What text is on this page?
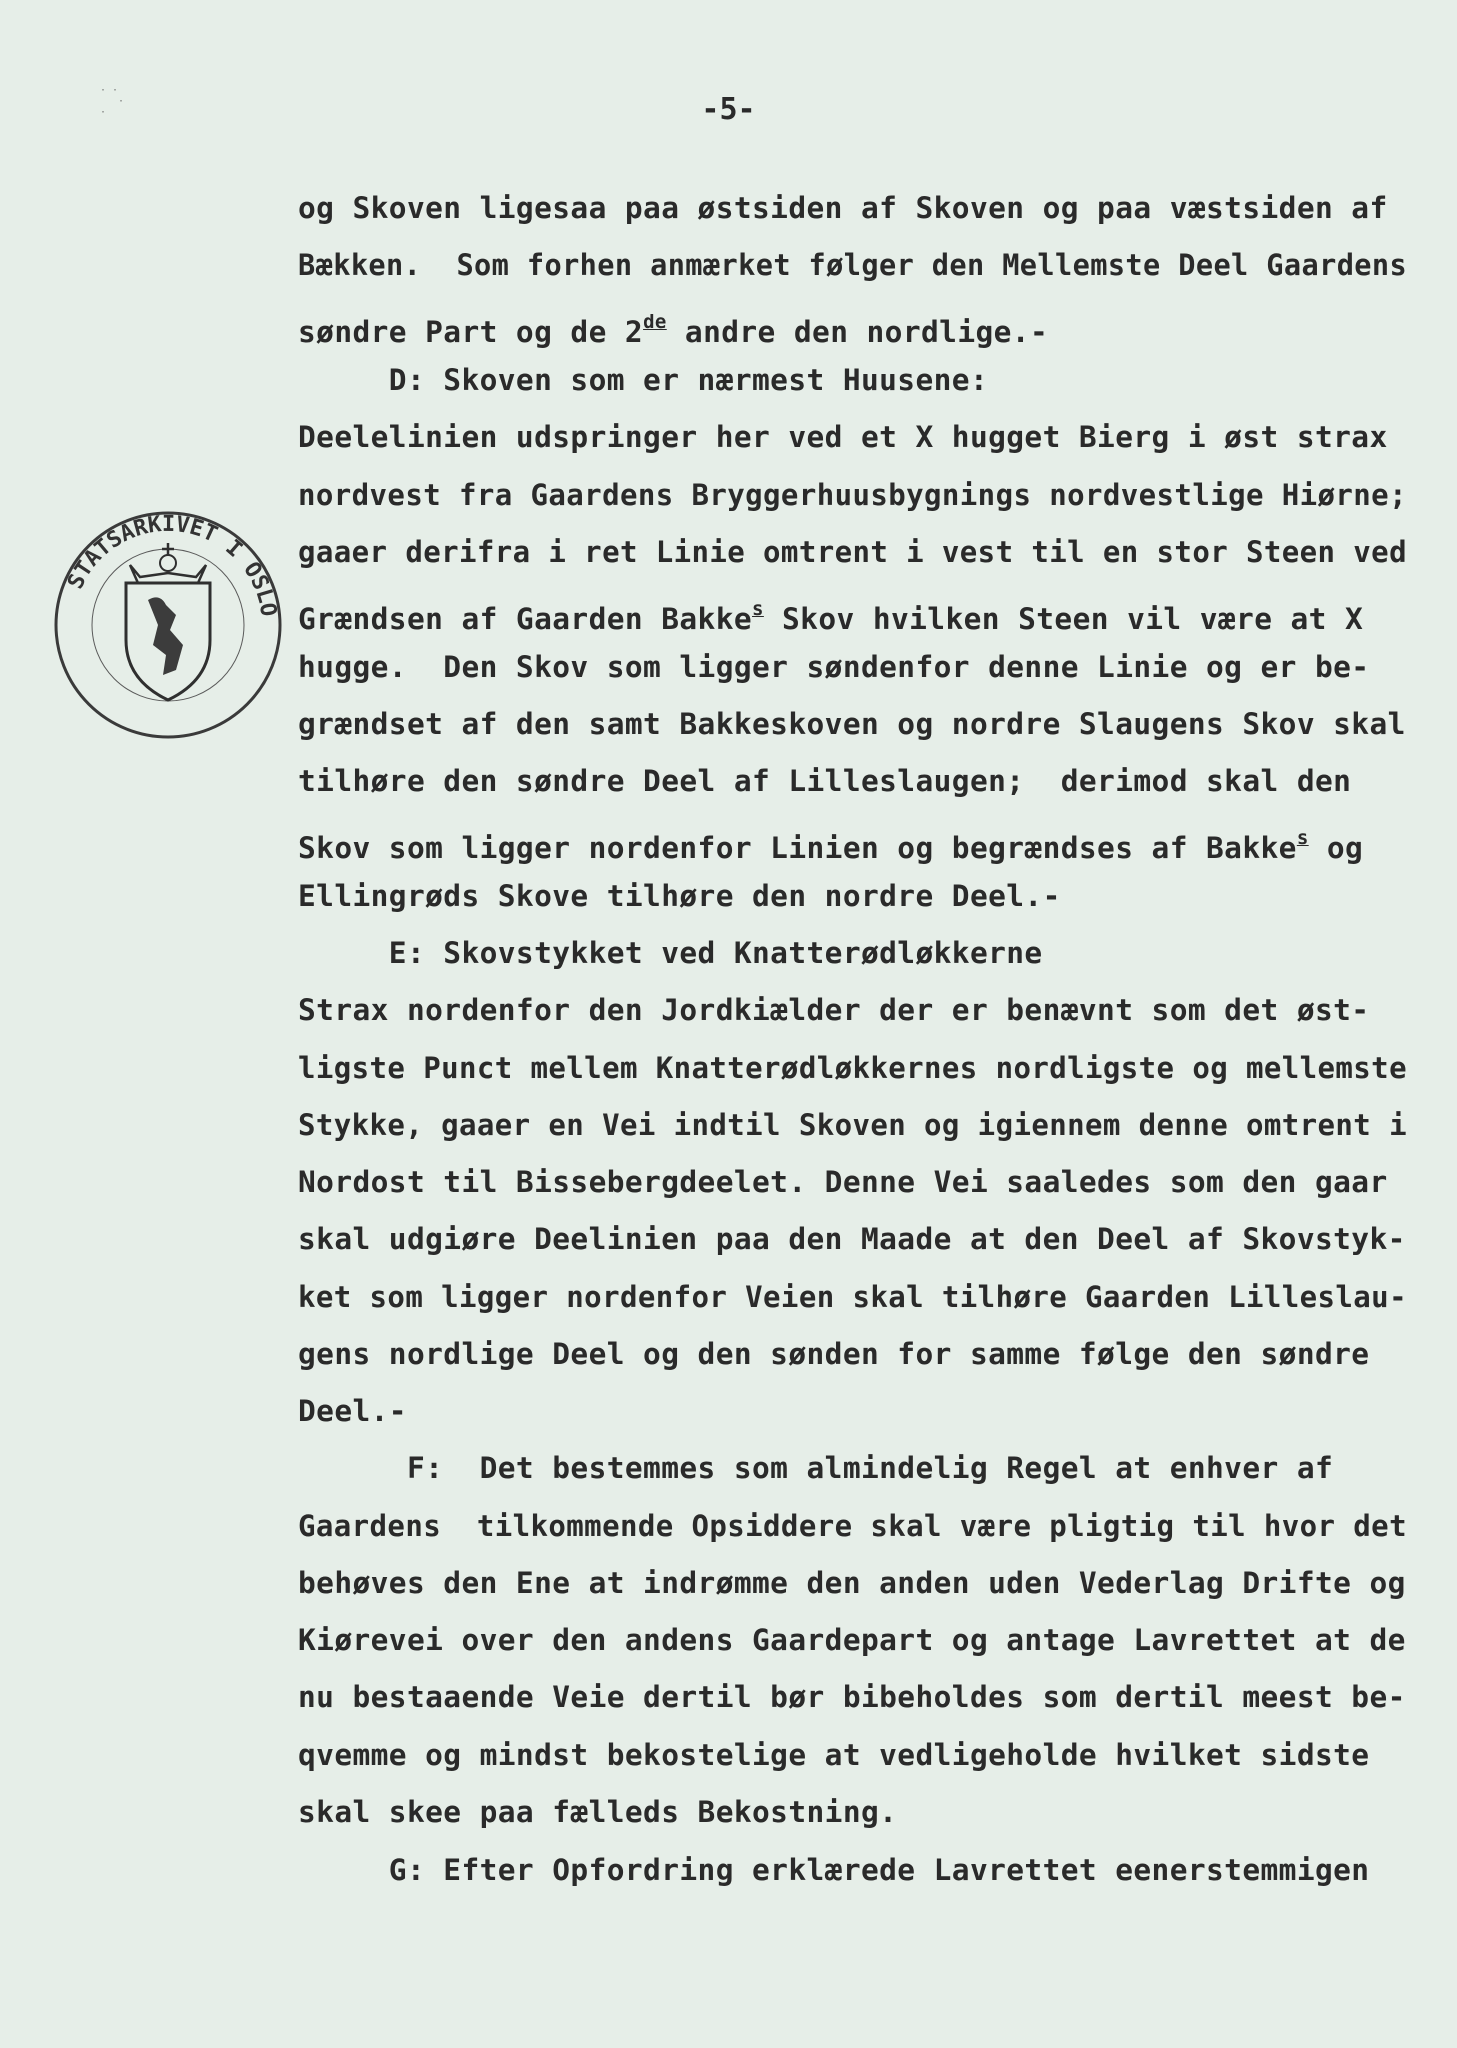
· ·
·
·	-5-
STATSARKIVET I OSLO
og Skoven ligesaa paa østsiden af Skoven og paa væstsiden af
Bækken.  Som forhen anmærket følger den Mellemste Deel Gaardens
søndre Part og de 2de andre den nordlige.-
D: Skoven som er nærmest Huusene:
Deelelinien udspringer her ved et X hugget Bierg i øst strax
nordvest fra Gaardens Bryggerhuusbygnings nordvestlige Hiørne;
gaaer derifra i ret Linie omtrent i vest til en stor Steen ved
Grændsen af Gaarden Bakke$^s$ Skov hvilken Steen vil være at X
hugge.  Den Skov som ligger søndenfor denne Linie og er be-
grændset af den samt Bakkeskoven og nordre Slaugens Skov skal
tilhøre den søndre Deel af Lilleslaugen;  derimod skal den
Skov som ligger nordenfor Linien og begrændses af Bakke$^s$ og
Ellingrøds Skove tilhøre den nordre Deel.-
E: Skovstykket ved Knatterødløkkerne
Strax nordenfor den Jordkiælder der er benævnt som det øst-
ligste Punct mellem Knatterødløkkernes nordligste og mellemste
Stykke, gaaer en Vei indtil Skoven og igiennem denne omtrent i
Nordost til Bissebergdeelet. Denne Vei saaledes som den gaar
skal udgiøre Deelinien paa den Maade at den Deel af Skovstyk-
ket som ligger nordenfor Veien skal tilhøre Gaarden Lilleslau-
gens nordlige Deel og den sønden for samme følge den søndre
Deel.-
F:  Det bestemmes som almindelig Regel at enhver af
Gaardens  tilkommende Opsiddere skal være pligtig til hvor det
behøves den Ene at indrømme den anden uden Vederlag Drifte og
Kiørevei over den andens Gaardepart og antage Lavrettet at de
nu bestaaende Veie dertil bør bibeholdes som dertil meest be-
qvemme og mindst bekostelige at vedligeholde hvilket sidste
skal skee paa fælleds Bekostning.
G: Efter Opfordring erklærede Lavrettet eenerstemmigen
